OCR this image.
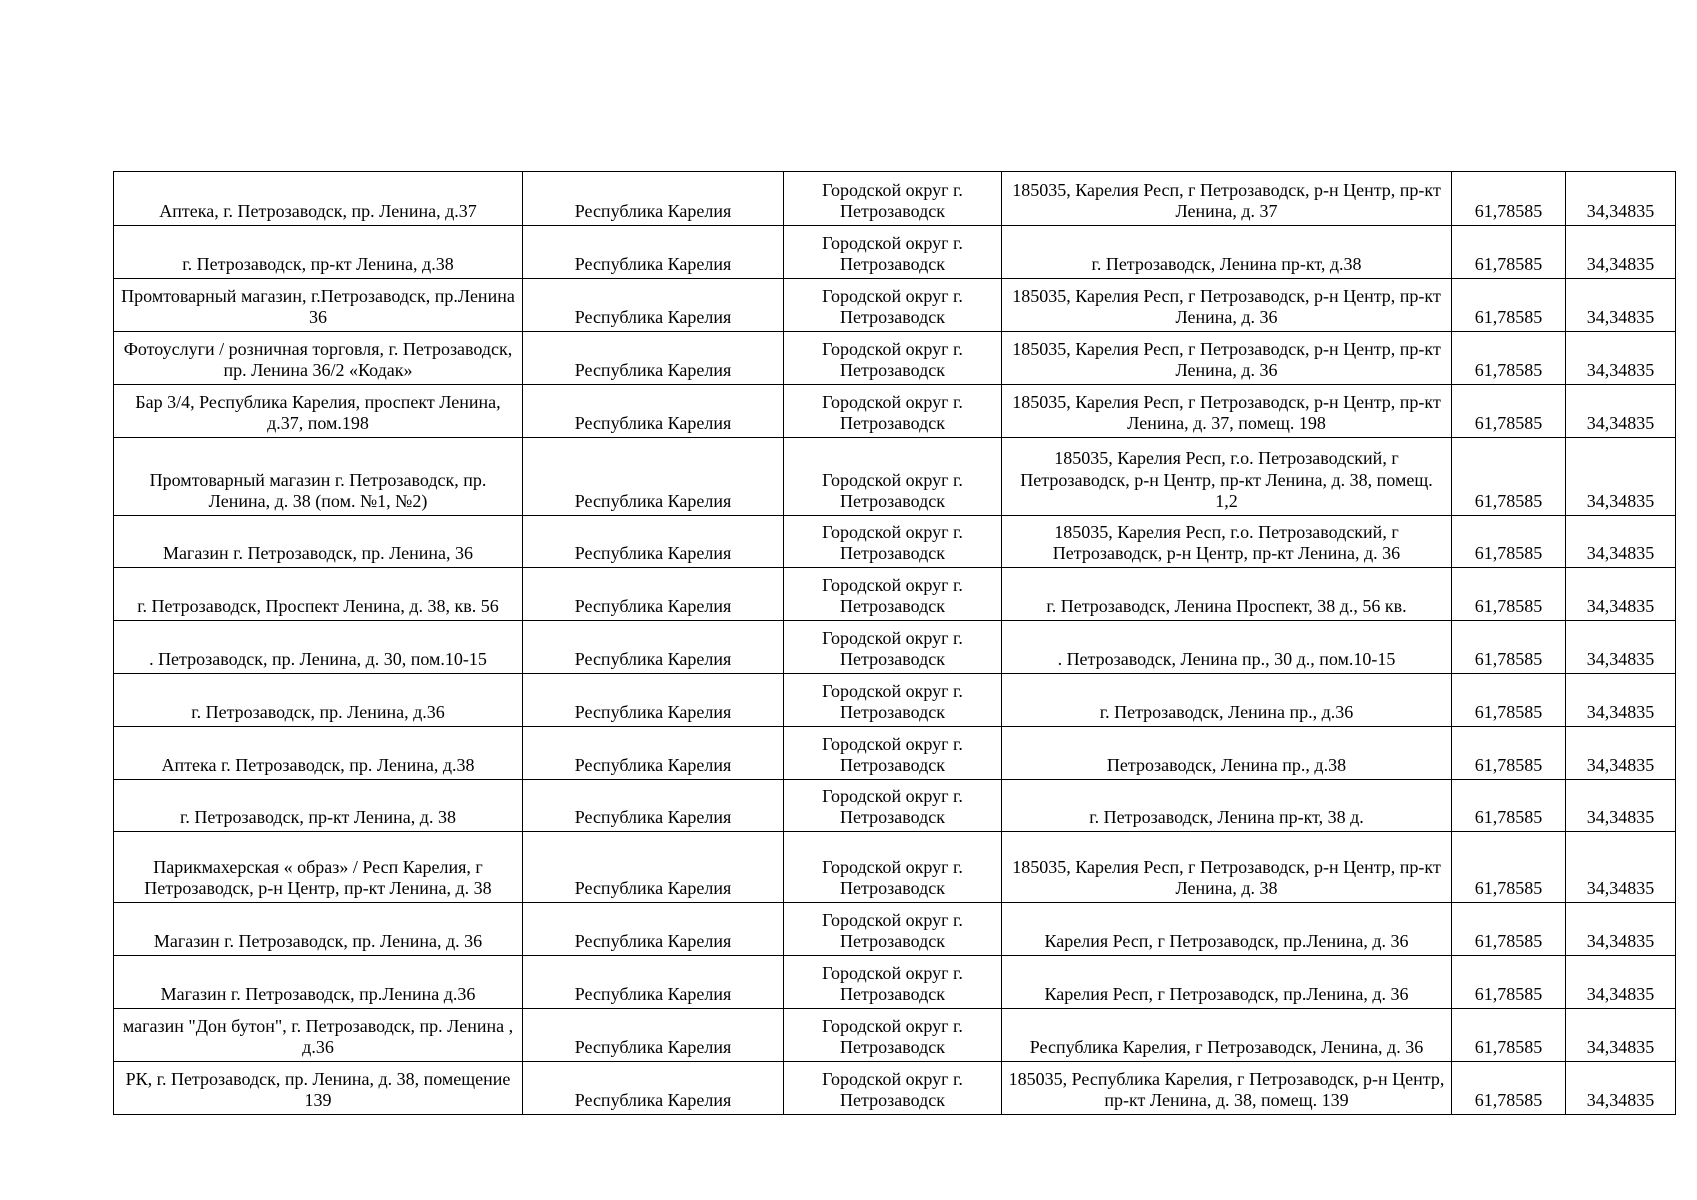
Аптека, г. Петрозаводск, пр. Ленина, д.37	Республика Карелия	Городской округ г. Петрозаводск	185035, Карелия Респ, г Петрозаводск, р-н Центр, пр-кт Ленина, д. 37	61,78585	34,34835
г. Петрозаводск, пр-кт Ленина, д.38	Республика Карелия	Городской округ г. Петрозаводск	г. Петрозаводск, Ленина пр-кт, д.38	61,78585	34,34835
Промтоварный магазин, г.Петрозаводск, пр.Ленина 36	Республика Карелия	Городской округ г. Петрозаводск	185035, Карелия Респ, г Петрозаводск, р-н Центр, пр-кт Ленина, д. 36	61,78585	34,34835
Фотоуслуги / розничная торговля, г. Петрозаводск, пр. Ленина 36/2 «Кодак»	Республика Карелия	Городской округ г. Петрозаводск	185035, Карелия Респ, г Петрозаводск, р-н Центр, пр-кт Ленина, д. 36	61,78585	34,34835
Бар 3/4, Республика Карелия, проспект Ленина, д.37, пом.198	Республика Карелия	Городской округ г. Петрозаводск	185035, Карелия Респ, г Петрозаводск, р-н Центр, пр-кт Ленина, д. 37, помещ. 198	61,78585	34,34835
Промтоварный магазин г. Петрозаводск, пр. Ленина, д. 38 (пом. №1, №2)	Республика Карелия	Городской округ г. Петрозаводск	185035, Карелия Респ, г.о. Петрозаводский, г Петрозаводск, р-н Центр, пр-кт Ленина, д. 38, помещ. 1,2	61,78585	34,34835
Магазин г. Петрозаводск, пр. Ленина, 36	Республика Карелия	Городской округ г. Петрозаводск	185035, Карелия Респ, г.о. Петрозаводский, г Петрозаводск, р-н Центр, пр-кт Ленина, д. 36	61,78585	34,34835
г. Петрозаводск, Проспект Ленина, д. 38, кв. 56	Республика Карелия	Городской округ г. Петрозаводск	г. Петрозаводск, Ленина Проспект, 38 д., 56 кв.	61,78585	34,34835
. Петрозаводск, пр. Ленина, д. 30, пом.10-15	Республика Карелия	Городской округ г. Петрозаводск	. Петрозаводск, Ленина пр., 30 д., пом.10-15	61,78585	34,34835
г. Петрозаводск, пр. Ленина, д.36	Республика Карелия	Городской округ г. Петрозаводск	г. Петрозаводск, Ленина пр., д.36	61,78585	34,34835
Аптека г. Петрозаводск, пр. Ленина, д.38	Республика Карелия	Городской округ г. Петрозаводск	Петрозаводск, Ленина пр., д.38	61,78585	34,34835
г. Петрозаводск, пр-кт Ленина, д. 38	Республика Карелия	Городской округ г. Петрозаводск	г. Петрозаводск, Ленина пр-кт, 38 д.	61,78585	34,34835
Парикмахерская « образ» / Респ Карелия, г Петрозаводск, р-н Центр, пр-кт Ленина, д. 38	Республика Карелия	Городской округ г. Петрозаводск	185035, Карелия Респ, г Петрозаводск, р-н Центр, пр-кт Ленина, д. 38	61,78585	34,34835
Магазин г. Петрозаводск, пр. Ленина, д. 36	Республика Карелия	Городской округ г. Петрозаводск	Карелия Респ, г Петрозаводск, пр.Ленина, д. 36	61,78585	34,34835
Магазин г. Петрозаводск, пр.Ленина д.36	Республика Карелия	Городской округ г. Петрозаводск	Карелия Респ, г Петрозаводск, пр.Ленина, д. 36	61,78585	34,34835
магазин "Дон бутон", г. Петрозаводск, пр. Ленина , д.36	Республика Карелия	Городской округ г. Петрозаводск	Республика Карелия, г Петрозаводск, Ленина, д. 36	61,78585	34,34835
РК, г. Петрозаводск, пр. Ленина, д. 38, помещение 139	Республика Карелия	Городской округ г. Петрозаводск	185035, Республика Карелия, г Петрозаводск, р-н Центр, пр-кт Ленина, д. 38, помещ. 139	61,78585	34,34835
